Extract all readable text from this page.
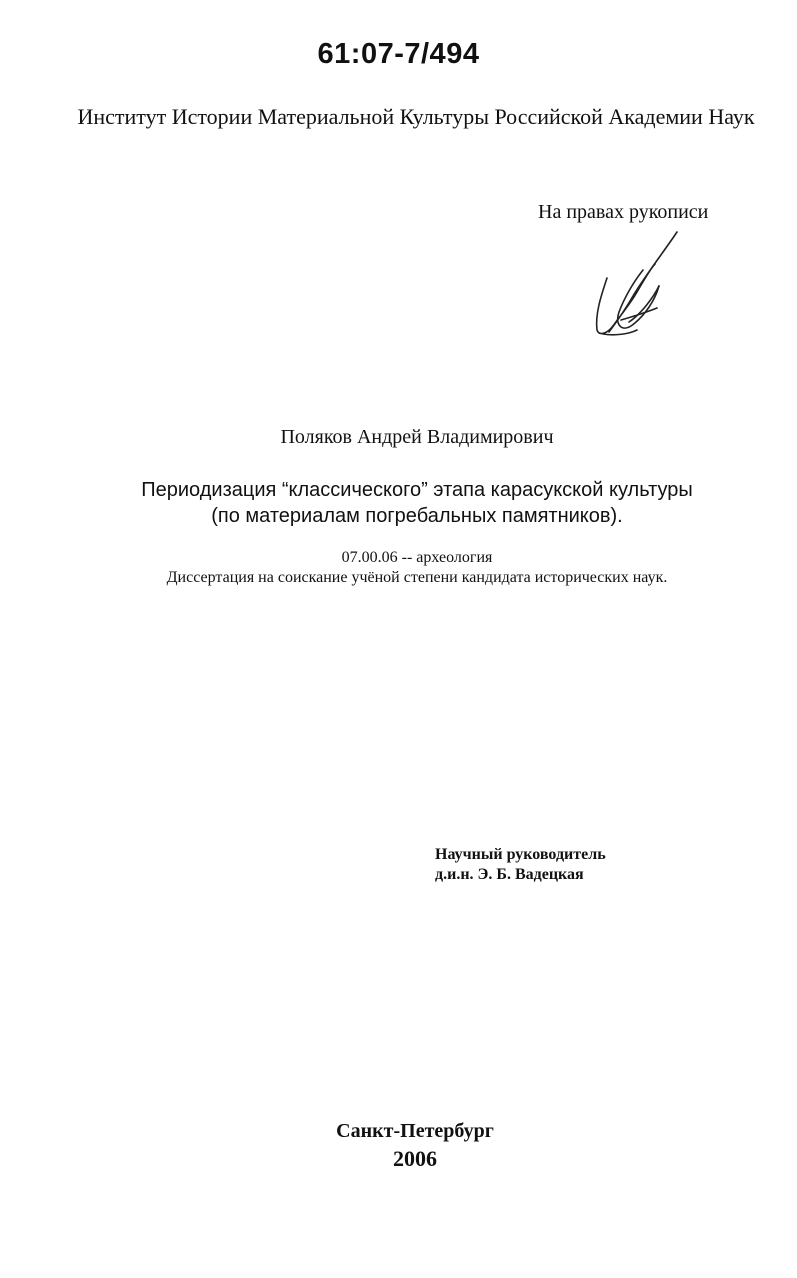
61:07-7/494
Институт Истории Материальной Культуры Российской Академии Наук
На правах рукописи
Поляков Андрей Владимирович
Периодизация “классического” этапа карасукской культуры
(по материалам погребальных памятников).
07.00.06 -- археология
Диссертация на соискание учёной степени кандидата исторических наук.
Научный руководитель
д.и.н. Э. Б. Вадецкая
Санкт-Петербург
2006
